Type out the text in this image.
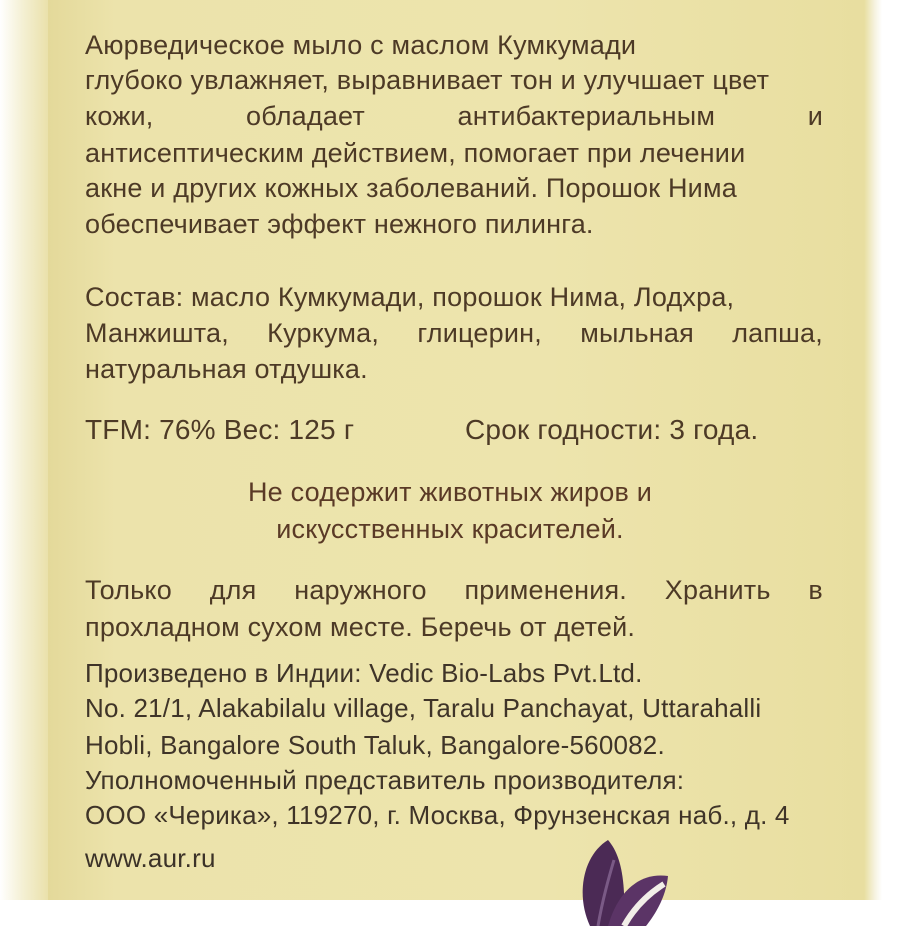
Аюрведическое мыло с маслом Кумкумади
глубоко увлажняет, выравнивает тон и улучшает цвет
кожи,	обладает	антибактериальным	и
антисептическим действием, помогает при лечении
акне и других кожных заболеваний. Порошок Нима
обеспечивает эффект нежного пилинга.
Состав: масло Кумкумади, порошок Нима, Лодхра,
Манжишта, Куркума, глицерин, мыльная лапша,
натуральная отдушка.
TFM: 76% Вес: 125 г	Срок годности: 3 года.
Не содержит животных жиров и
искусственных красителей.
Только для наружного применения. Хранить в
прохладном сухом месте. Беречь от детей.
Произведено в Индии: Vedic Bio-Labs Pvt.Ltd.
No. 21/1, Alakabilalu village, Taralu Panchayat, Uttarahalli
Hobli, Bangalore South Taluk, Bangalore-560082.
Уполномоченный представитель производителя:
ООО «Черика», 119270, г. Москва, Фрунзенская наб., д. 4
www.aur.ru
